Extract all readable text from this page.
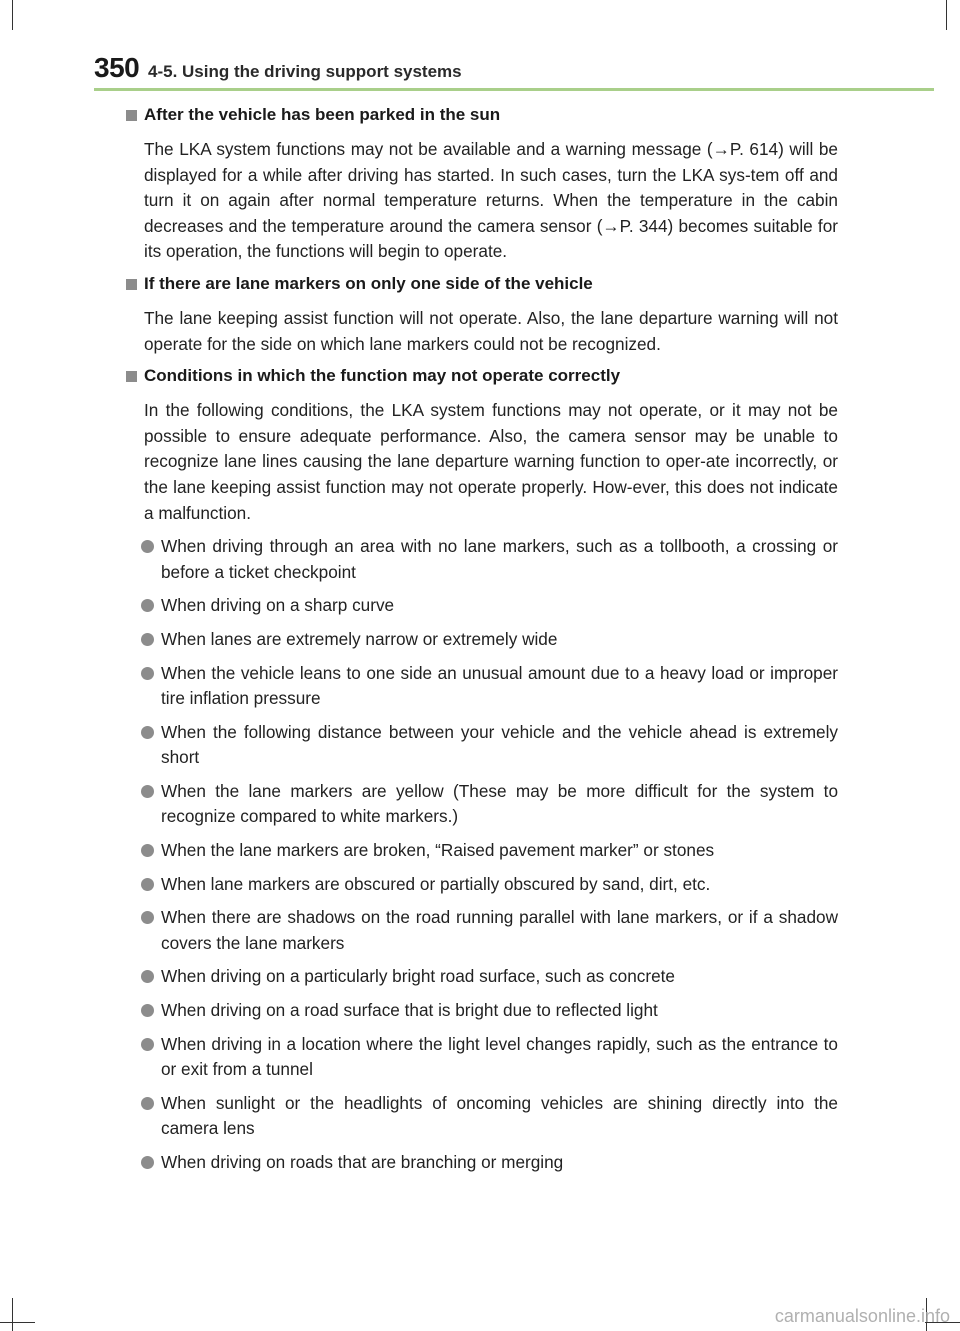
350 4-5. Using the driving support systems
After the vehicle has been parked in the sun
The LKA system functions may not be available and a warning message (→P. 614) will be displayed for a while after driving has started. In such cases, turn the LKA sys-tem off and turn it on again after normal temperature returns. When the temperature in the cabin decreases and the temperature around the camera sensor (→P. 344) becomes suitable for its operation, the functions will begin to operate.
If there are lane markers on only one side of the vehicle
The lane keeping assist function will not operate. Also, the lane departure warning will not operate for the side on which lane markers could not be recognized.
Conditions in which the function may not operate correctly
In the following conditions, the LKA system functions may not operate, or it may not be possible to ensure adequate performance. Also, the camera sensor may be unable to recognize lane lines causing the lane departure warning function to oper-ate incorrectly, or the lane keeping assist function may not operate properly. How-ever, this does not indicate a malfunction.
When driving through an area with no lane markers, such as a tollbooth, a crossing or before a ticket checkpoint
When driving on a sharp curve
When lanes are extremely narrow or extremely wide
When the vehicle leans to one side an unusual amount due to a heavy load or improper tire inflation pressure
When the following distance between your vehicle and the vehicle ahead is extremely short
When the lane markers are yellow (These may be more difficult for the system to recognize compared to white markers.)
When the lane markers are broken, “Raised pavement marker” or stones
When lane markers are obscured or partially obscured by sand, dirt, etc.
When there are shadows on the road running parallel with lane markers, or if a shadow covers the lane markers
When driving on a particularly bright road surface, such as concrete
When driving on a road surface that is bright due to reflected light
When driving in a location where the light level changes rapidly, such as the entrance to or exit from a tunnel
When sunlight or the headlights of oncoming vehicles are shining directly into the camera lens
When driving on roads that are branching or merging
carmanualsonline.info
